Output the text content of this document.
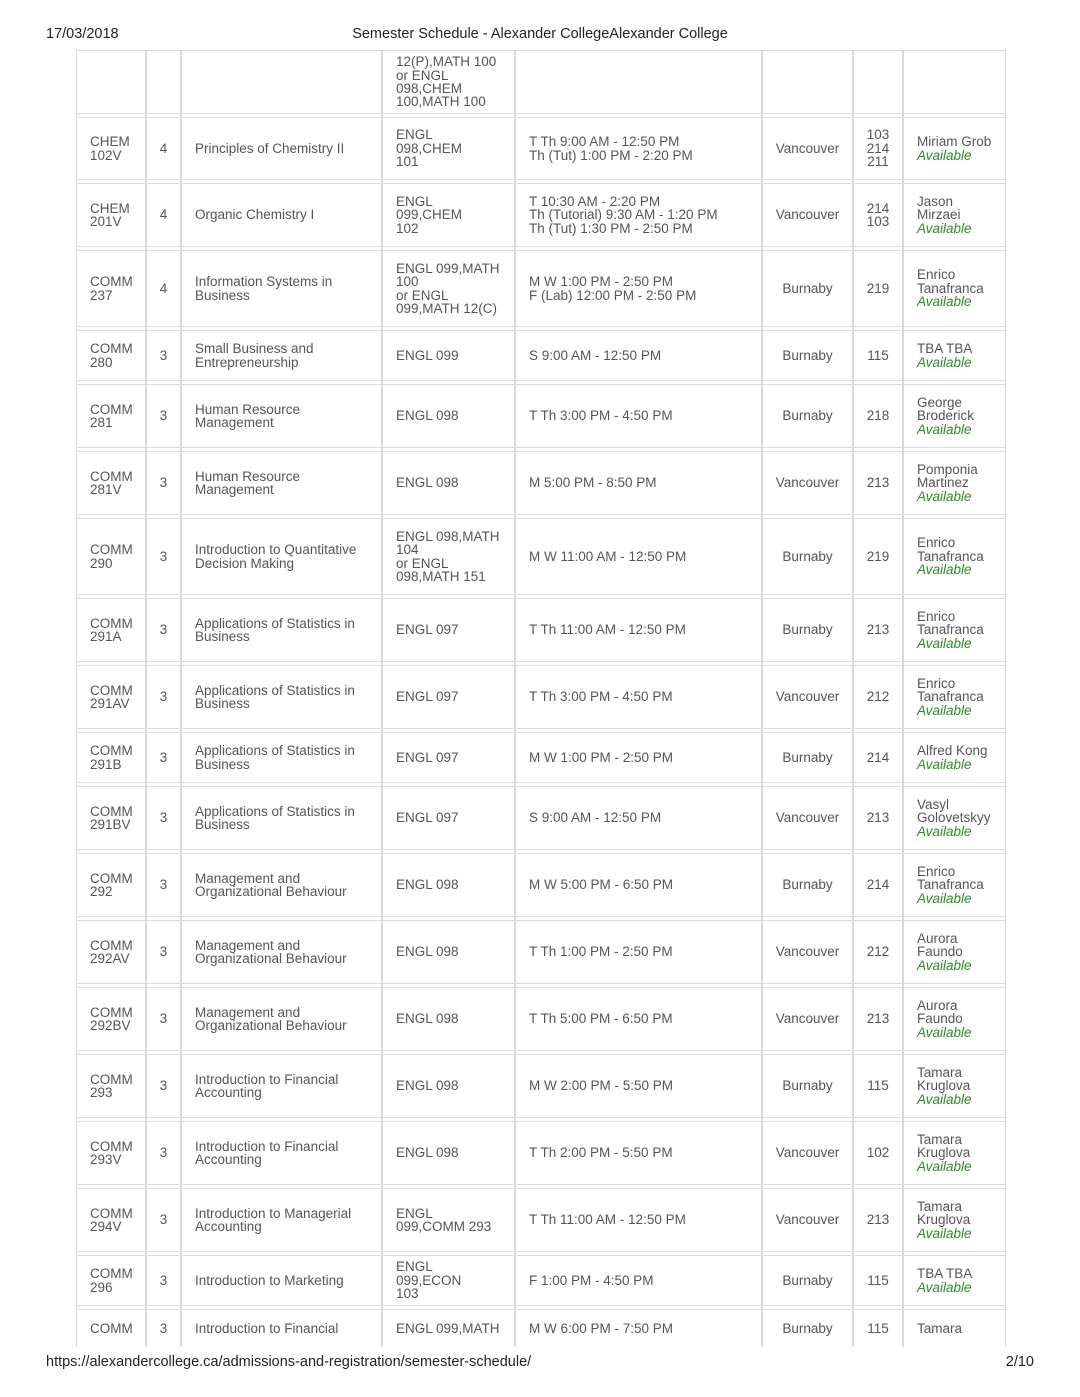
17/03/2018	Semester Schedule - Alexander CollegeAlexander College
			12(P),MATH 100
or ENGL
098,CHEM
100,MATH 100				

CHEM
102V	4	Principles of Chemistry II	ENGL 098,CHEM
101	T Th 9:00 AM - 12:50 PM
Th (Tut) 1:00 PM - 2:20 PM	Vancouver	103
214
211	Miriam Grob
Available

CHEM
201V	4	Organic Chemistry I	ENGL 099,CHEM
102	T 10:30 AM - 2:20 PM
Th (Tutorial) 9:30 AM - 1:20 PM
Th (Tut) 1:30 PM - 2:50 PM	Vancouver	214
103	Jason
Mirzaei
Available

COMM
237	4	Information Systems in
Business	ENGL 099,MATH
100
or ENGL
099,MATH 12(C)	M W 1:00 PM - 2:50 PM
F (Lab) 12:00 PM - 2:50 PM	Burnaby	219	Enrico
Tanafranca
Available

COMM
280	3	Small Business and
Entrepreneurship	ENGL 099	S 9:00 AM - 12:50 PM	Burnaby	115	TBA TBA
Available

COMM
281	3	Human Resource
Management	ENGL 098	T Th 3:00 PM - 4:50 PM	Burnaby	218	George
Broderick
Available

COMM
281V	3	Human Resource
Management	ENGL 098	M 5:00 PM - 8:50 PM	Vancouver	213	Pomponia
Martinez
Available

COMM
290	3	Introduction to Quantitative
Decision Making	ENGL 098,MATH
104
or ENGL
098,MATH 151	M W 11:00 AM - 12:50 PM	Burnaby	219	Enrico
Tanafranca
Available

COMM
291A	3	Applications of Statistics in
Business	ENGL 097	T Th 11:00 AM - 12:50 PM	Burnaby	213	Enrico
Tanafranca
Available

COMM
291AV	3	Applications of Statistics in
Business	ENGL 097	T Th 3:00 PM - 4:50 PM	Vancouver	212	Enrico
Tanafranca
Available

COMM
291B	3	Applications of Statistics in
Business	ENGL 097	M W 1:00 PM - 2:50 PM	Burnaby	214	Alfred Kong
Available

COMM
291BV	3	Applications of Statistics in
Business	ENGL 097	S 9:00 AM - 12:50 PM	Vancouver	213	Vasyl
Golovetskyy
Available

COMM
292	3	Management and
Organizational Behaviour	ENGL 098	M W 5:00 PM - 6:50 PM	Burnaby	214	Enrico
Tanafranca
Available

COMM
292AV	3	Management and
Organizational Behaviour	ENGL 098	T Th 1:00 PM - 2:50 PM	Vancouver	212	Aurora
Faundo
Available

COMM
292BV	3	Management and
Organizational Behaviour	ENGL 098	T Th 5:00 PM - 6:50 PM	Vancouver	213	Aurora
Faundo
Available

COMM
293	3	Introduction to Financial
Accounting	ENGL 098	M W 2:00 PM - 5:50 PM	Burnaby	115	Tamara
Kruglova
Available

COMM
293V	3	Introduction to Financial
Accounting	ENGL 098	T Th 2:00 PM - 5:50 PM	Vancouver	102	Tamara
Kruglova
Available

COMM
294V	3	Introduction to Managerial
Accounting	ENGL
099,COMM 293	T Th 11:00 AM - 12:50 PM	Vancouver	213	Tamara
Kruglova
Available

COMM
296	3	Introduction to Marketing	ENGL 099,ECON
103	F 1:00 PM - 4:50 PM	Burnaby	115	TBA TBA
Available

COMM	3	Introduction to Financial	ENGL 099,MATH	M W 6:00 PM - 7:50 PM	Burnaby	115	Tamara
https://alexandercollege.ca/admissions-and-registration/semester-schedule/	2/10
